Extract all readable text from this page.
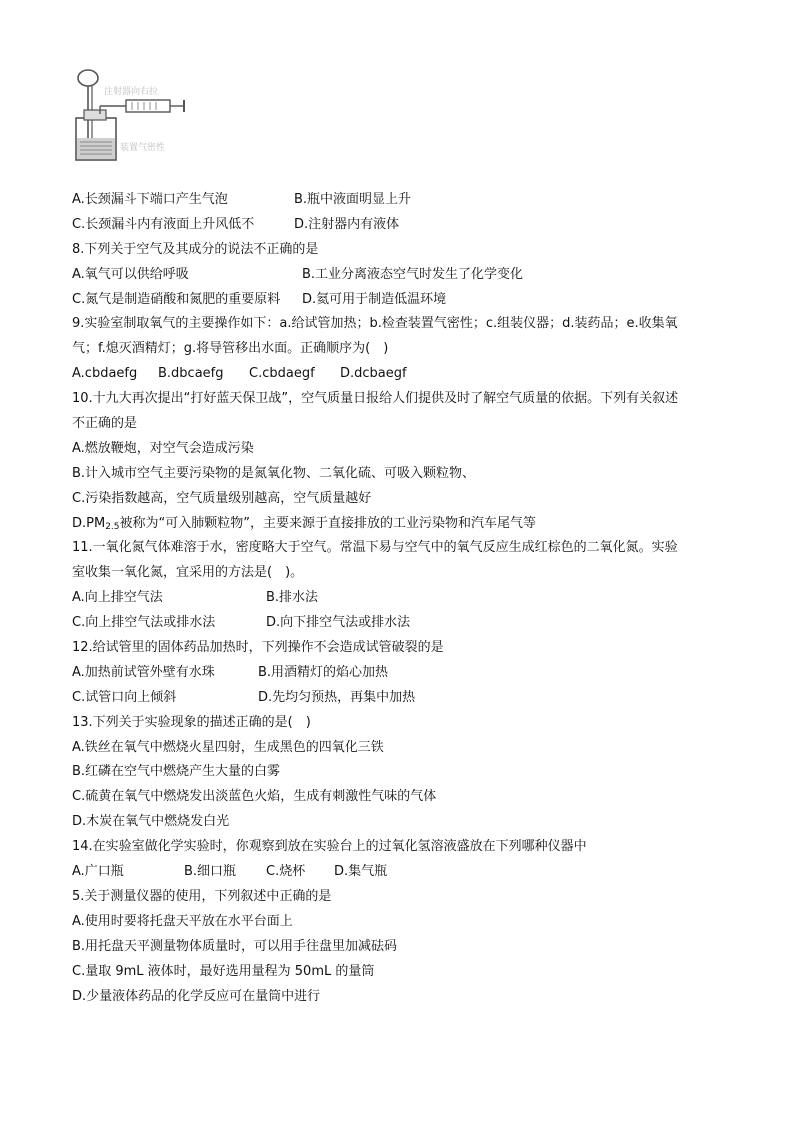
注射器向右拉
装置气密性
A.长颈漏斗下端口产生气泡	B.瓶中液面明显上升
C.长颈漏斗内有液面上升风低不	D.注射器内有液体
8.下列关于空气及其成分的说法不正确的是
A.氧气可以供给呼吸	B.工业分离液态空气时发生了化学变化
C.氮气是制造硝酸和氮肥的重要原料 D.氦可用于制造低温环境
9.实验室制取氧气的主要操作如下：a.给试管加热；b.检查装置气密性；c.组装仪器；d.装药品；e.收集氧
气；f.熄灭酒精灯；g.将导管移出水面。正确顺序为(　)
A.cbdaefg B.dbcaefg C.cbdaegf D.dcbaegf
10.十九大再次提出“打好蓝天保卫战”，空气质量日报给人们提供及时了解空气质量的依据。下列有关叙述
不正确的是
A.燃放鞭炮，对空气会造成污染
B.计入城市空气主要污染物的是氮氧化物、二氧化硫、可吸入颗粒物、
C.污染指数越高，空气质量级别越高，空气质量越好
$D.PM_{2.5}$被称为“可入肺颗粒物”，主要来源于直接排放的工业污染物和汽车尾气等
11.一氧化氮气体难溶于水，密度略大于空气。常温下易与空气中的氧气反应生成红棕色的二氧化氮。实验
室收集一氧化氮，宜采用的方法是(　)。
A.向上排空气法	B.排水法
C.向上排空气法或排水法	D.向下排空气法或排水法
12.给试管里的固体药品加热时，下列操作不会造成试管破裂的是
A.加热前试管外壁有水珠	B.用酒精灯的焰心加热
C.试管口向上倾斜	D.先均匀预热，再集中加热
13.下列关于实验现象的描述正确的是(　)
A.铁丝在氧气中燃烧火星四射，生成黑色的四氧化三铁
B.红磷在空气中燃烧产生大量的白雾
C.硫黄在氧气中燃烧发出淡蓝色火焰，生成有刺激性气味的气体
D.木炭在氧气中燃烧发白光
14.在实验室做化学实验时，你观察到放在实验台上的过氧化氢溶液盛放在下列哪种仪器中
A.广口瓶	B.细口瓶 C.烧杯 D.集气瓶
5.关于测量仪器的使用，下列叙述中正确的是
A.使用时要将托盘天平放在水平台面上
B.用托盘天平测量物体质量时，可以用手往盘里加减砝码
C.量取 9mL 液体时，最好选用量程为 50mL 的量筒
D.少量液体药品的化学反应可在量筒中进行
